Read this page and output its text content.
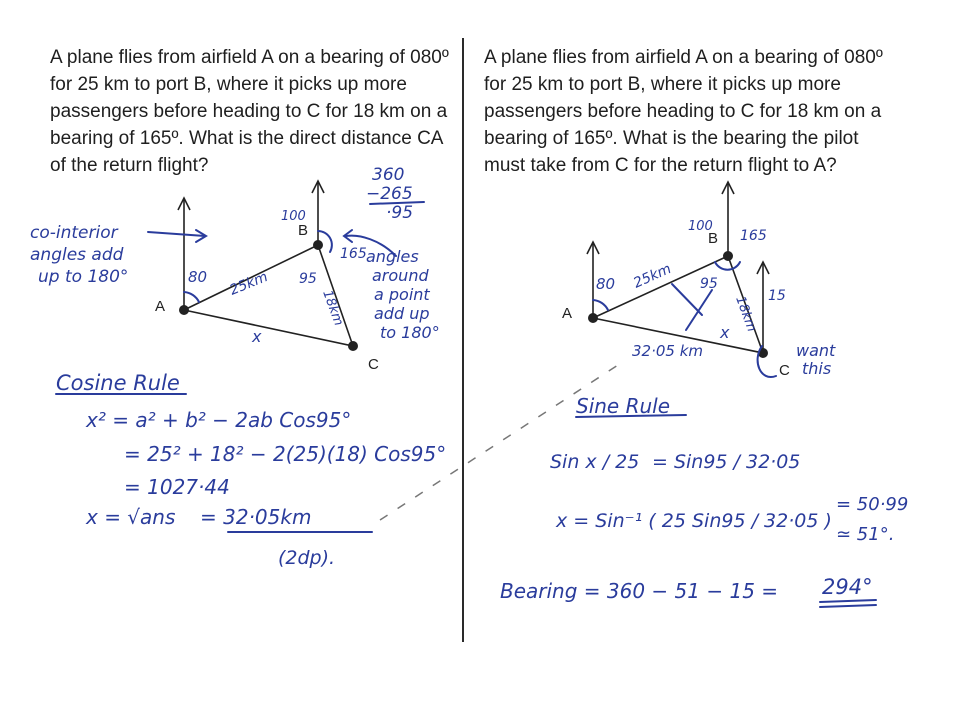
A plane flies from airfield A on a bearing of 080º for 25 km to port B, where it picks up more passengers before heading to C for 18 km on a bearing of 165º. What is the direct distance CA of the return flight?
A plane flies from airfield A on a bearing of 080º for 25 km to port B, where it picks up more passengers before heading to C for 18 km on a bearing of 165º. What is the bearing the pilot must take from C for the return flight to A?
A
B
C
80
100
95
165
25km
18km
x
360
−265
·95
co-interior angles add up to 180°
angles around a point add up to 180°
Cosine Rule
x² = a² + b² − 2ab Cos95°
= 25² + 18² − 2(25)(18) Cos95°
= 1027·44
x = √ans = 32·05km
(2dp).
A
B
C
80
100
95
165
15
25km
18km
32·05 km
x
want this
Sine Rule
Sin x / 25 = Sin95 / 32·05
x = Sin⁻¹ ( 25 Sin95 / 32·05 )
= 50·99
≃ 51°.
Bearing = 360 − 51 − 15 = 294°
